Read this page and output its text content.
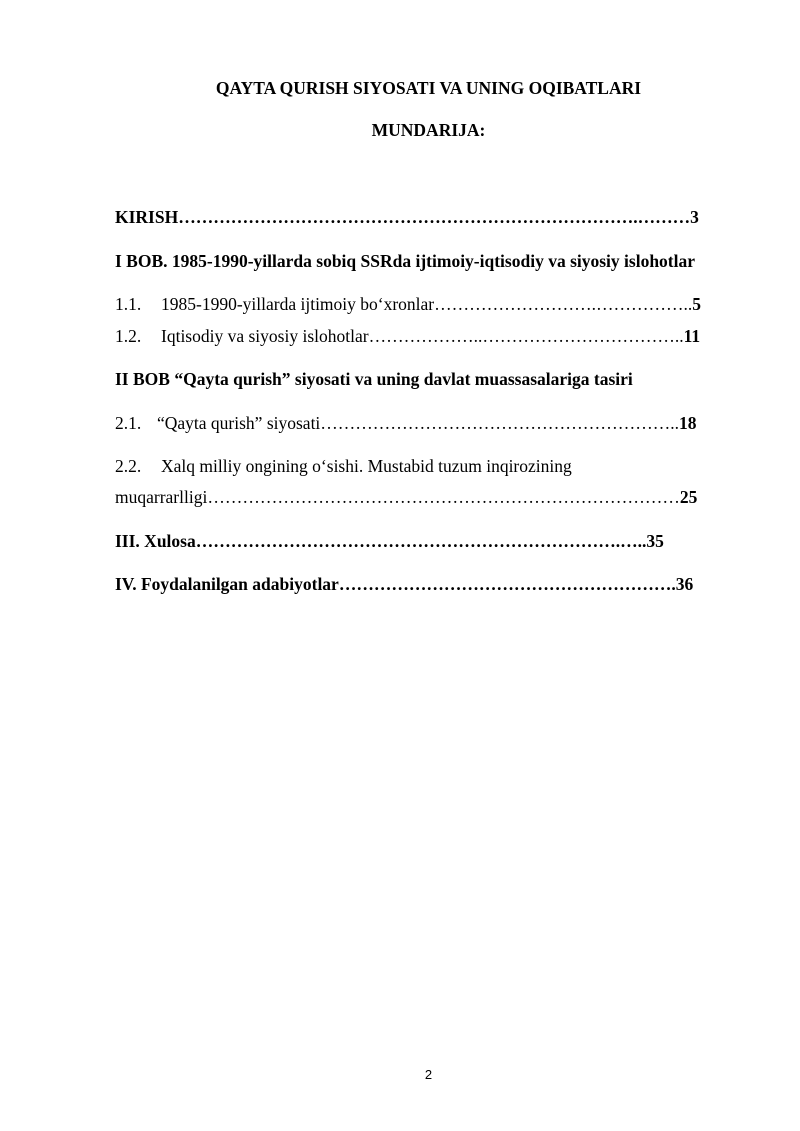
QAYTA QURISH SIYOSATI VA UNING OQIBATLARI
MUNDARIJA:
KIRISH…………………………………………………………………….………3
I BOB. 1985-1990-yillarda sobiq SSRda ijtimoiy-iqtisodiy va siyosiy islohotlar
1.1. 1985-1990-yillarda ijtimoiy bo‘xronlar……………………….……………..5
1.2. Iqtisodiy va siyosiy islohotlar………………..……………………………..11
II BOB “Qayta qurish” siyosati va uning davlat muassasalariga tasiri
2.1. “Qayta qurish” siyosati……………………………………………………..18
2.2. Xalq milliy ongining o‘sishi. Mustabid tuzum inqirozining
muqarrarlligi………………………………………………………………………25
III. Xulosa……………………………………………………………….…..35
IV. Foydalanilgan adabiyotlar………………………………………………….36
2
